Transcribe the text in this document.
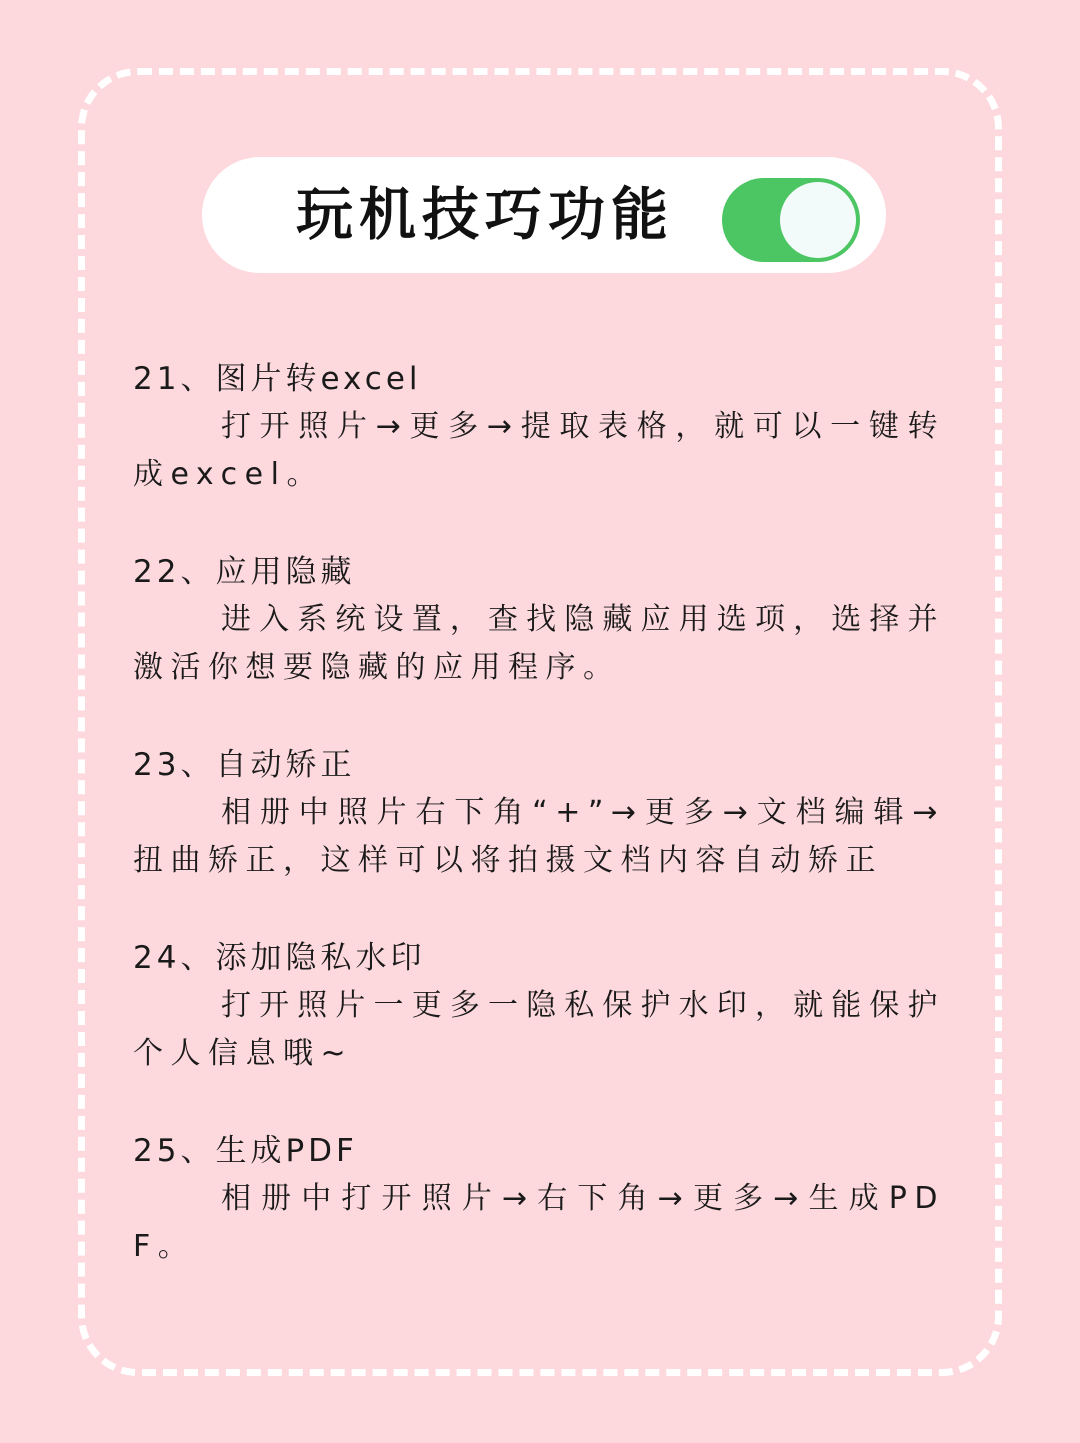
玩机技巧功能
21、图片转excel
打开照片→更多→提取表格，就可以一键转成excel。
22、应用隐藏
进入系统设置，查找隐藏应用选项，选择并激活你想要隐藏的应用程序。
23、自动矫正
相册中照片右下角“+”→更多→文档编辑→扭曲矫正，这样可以将拍摄文档内容自动矫正
24、添加隐私水印
打开照片一更多一隐私保护水印，就能保护个人信息哦~
25、生成PDF
相册中打开照片→右下角→更多→生成PDF。
